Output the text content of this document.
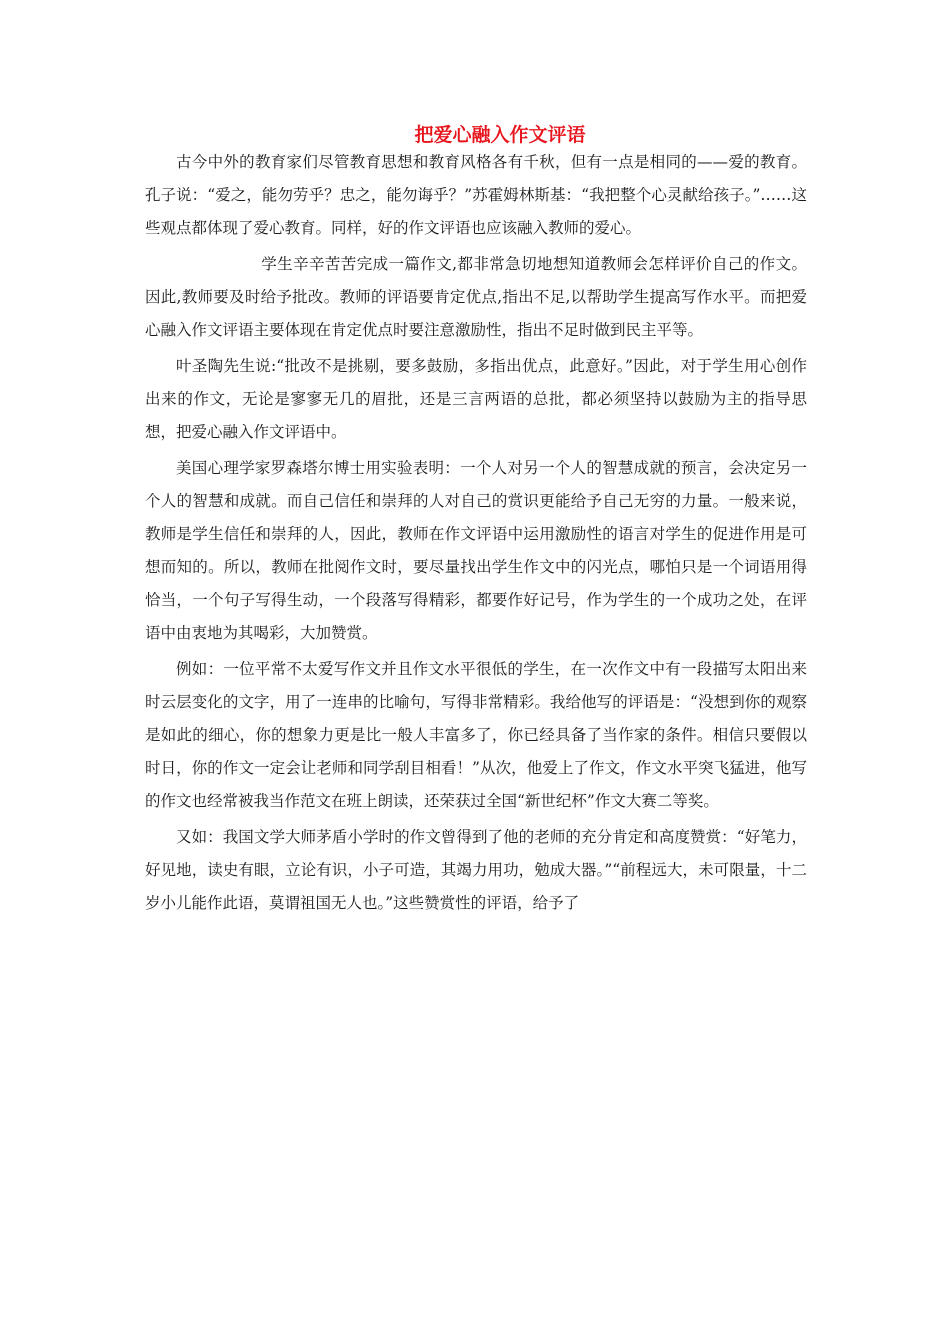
把爱心融入作文评语

古今中外的教育家们尽管教育思想和教育风格各有千秋，但有一点是相同的——爱的教育。孔子说：“爱之，能勿劳乎？忠之，能勿诲乎？”苏霍姆林斯基：“我把整个心灵献给孩子。”……这些观点都体现了爱心教育。同样，好的作文评语也应该融入教师的爱心。

学生辛辛苦苦完成一篇作文,都非常急切地想知道教师会怎样评价自己的作文。因此,教师要及时给予批改。教师的评语要肯定优点,指出不足,以帮助学生提高写作水平。而把爱心融入作文评语主要体现在肯定优点时要注意激励性，指出不足时做到民主平等。

叶圣陶先生说:“批改不是挑剔，要多鼓励，多指出优点，此意好。”因此，对于学生用心创作出来的作文，无论是寥寥无几的眉批，还是三言两语的总批，都必须坚持以鼓励为主的指导思想，把爱心融入作文评语中。

美国心理学家罗森塔尔博士用实验表明：一个人对另一个人的智慧成就的预言，会决定另一个人的智慧和成就。而自己信任和崇拜的人对自己的赏识更能给予自己无穷的力量。一般来说，教师是学生信任和崇拜的人，因此，教师在作文评语中运用激励性的语言对学生的促进作用是可想而知的。所以，教师在批阅作文时，要尽量找出学生作文中的闪光点，哪怕只是一个词语用得恰当，一个句子写得生动，一个段落写得精彩，都要作好记号，作为学生的一个成功之处，在评语中由衷地为其喝彩，大加赞赏。

例如：一位平常不太爱写作文并且作文水平很低的学生，在一次作文中有一段描写太阳出来时云层变化的文字，用了一连串的比喻句，写得非常精彩。我给他写的评语是：“没想到你的观察是如此的细心，你的想象力更是比一般人丰富多了，你已经具备了当作家的条件。相信只要假以时日，你的作文一定会让老师和同学刮目相看！”从次，他爱上了作文，作文水平突飞猛进，他写的作文也经常被我当作范文在班上朗读，还荣获过全国“新世纪杯”作文大赛二等奖。

又如：我国文学大师茅盾小学时的作文曾得到了他的老师的充分肯定和高度赞赏：“好笔力，好见地，读史有眼，立论有识，小子可造，其竭力用功，勉成大器。”“前程远大，未可限量，十二岁小儿能作此语，莫谓祖国无人也。”这些赞赏性的评语，给予了
